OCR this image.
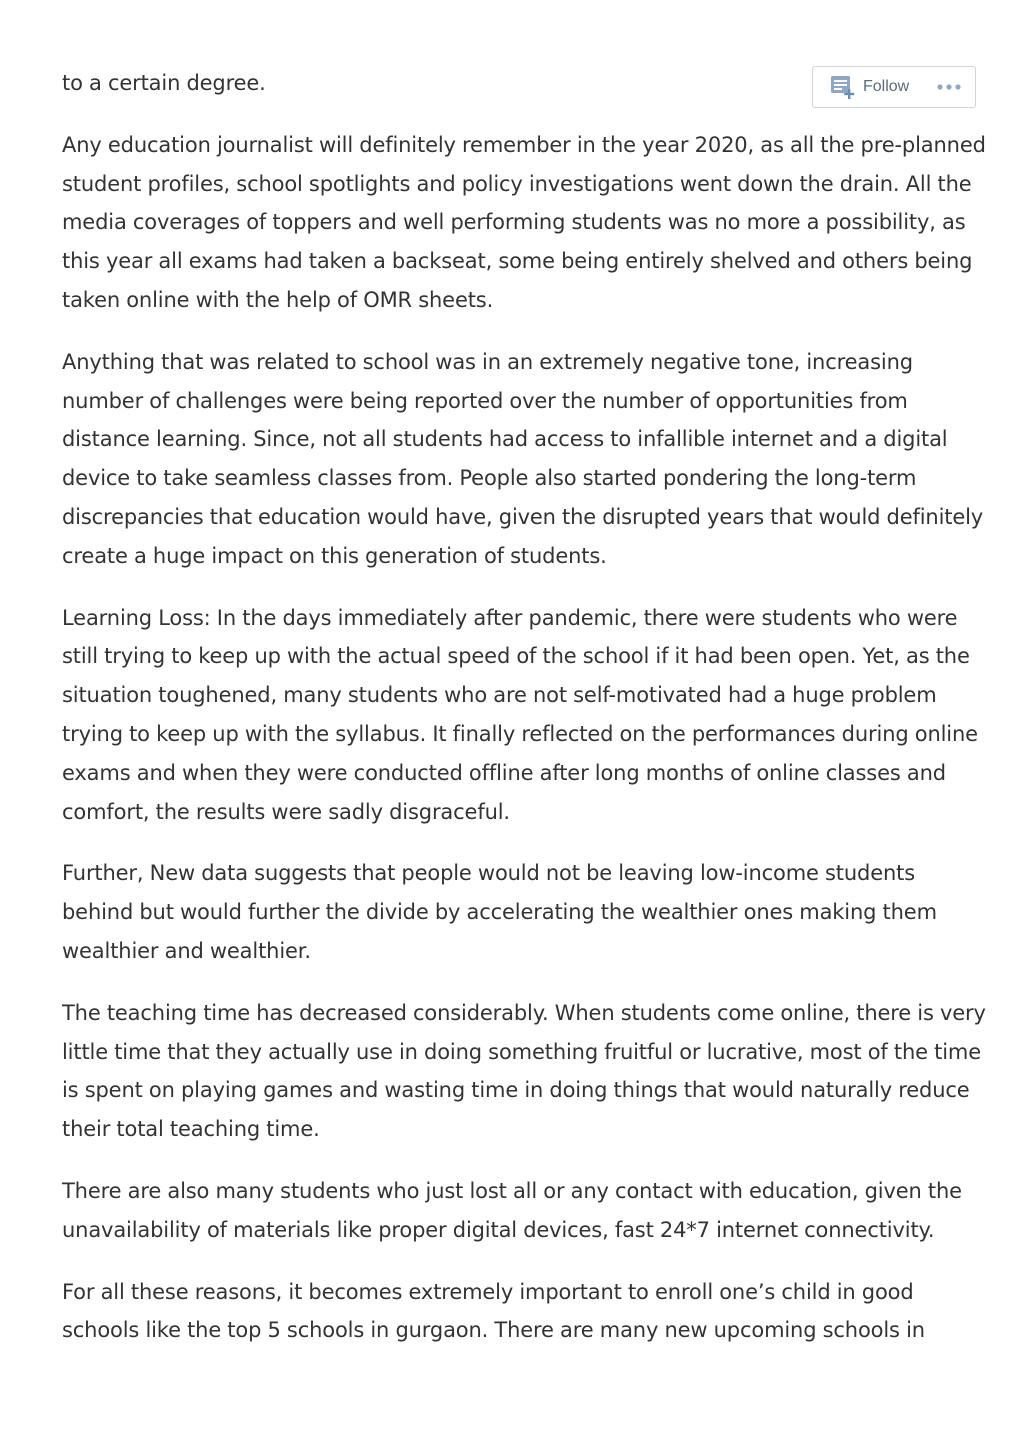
to a certain degree.

Any education journalist will definitely remember in the year 2020, as all the pre-planned student profiles, school spotlights and policy investigations went down the drain. All the media coverages of toppers and well performing students was no more a possibility, as this year all exams had taken a backseat, some being entirely shelved and others being taken online with the help of OMR sheets.

Anything that was related to school was in an extremely negative tone, increasing number of challenges were being reported over the number of opportunities from distance learning. Since, not all students had access to infallible internet and a digital device to take seamless classes from. People also started pondering the long-term discrepancies that education would have, given the disrupted years that would definitely create a huge impact on this generation of students.

Learning Loss: In the days immediately after pandemic, there were students who were still trying to keep up with the actual speed of the school if it had been open. Yet, as the situation toughened, many students who are not self-motivated had a huge problem trying to keep up with the syllabus. It finally reflected on the performances during online exams and when they were conducted offline after long months of online classes and comfort, the results were sadly disgraceful.

Further, New data suggests that people would not be leaving low-income students behind but would further the divide by accelerating the wealthier ones making them wealthier and wealthier.

The teaching time has decreased considerably. When students come online, there is very little time that they actually use in doing something fruitful or lucrative, most of the time is spent on playing games and wasting time in doing things that would naturally reduce their total teaching time.

There are also many students who just lost all or any contact with education, given the unavailability of materials like proper digital devices, fast 24*7 internet connectivity.

For all these reasons, it becomes extremely important to enroll one’s child in good schools like the top 5 schools in gurgaon. There are many new upcoming schools in

Follow
